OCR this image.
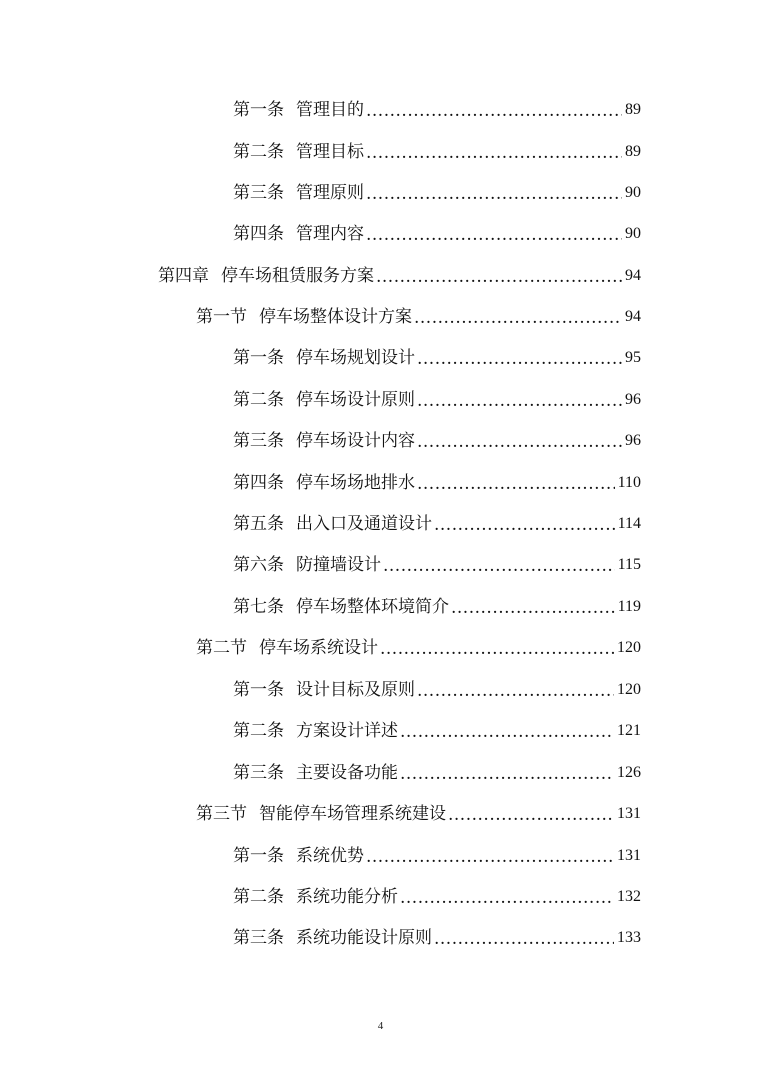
第一条 管理目的 .....	89
第二条 管理目标 .....	89
第三条 管理原则 .....	90
第四条 管理内容 .....	90
第四章 停车场租赁服务方案 .....	94
第一节 停车场整体设计方案 .....	94
第一条 停车场规划设计 .....	95
第二条 停车场设计原则 .....	96
第三条 停车场设计内容 .....	96
第四条 停车场场地排水 .....	110
第五条 出入口及通道设计 .....	114
第六条 防撞墙设计 .....	115
第七条 停车场整体环境简介 .....	119
第二节 停车场系统设计 .....	120
第一条 设计目标及原则 .....	120
第二条 方案设计详述 .....	121
第三条 主要设备功能 .....	126
第三节 智能停车场管理系统建设 .....	131
第一条 系统优势 .....	131
第二条 系统功能分析 .....	132
第三条 系统功能设计原则 .....	133
4
